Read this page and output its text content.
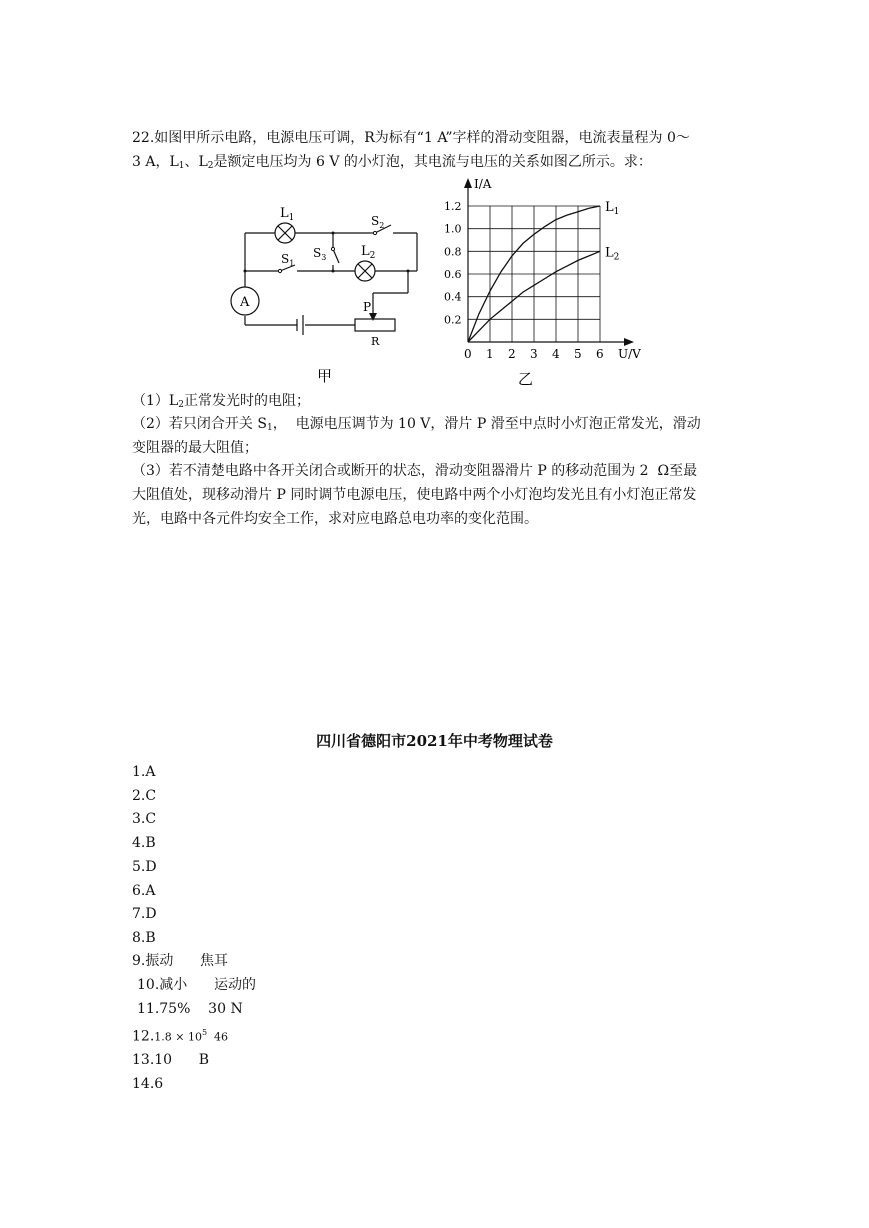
22.如图甲所示电路，电源电压可调，R为标有“1 A”字样的滑动变阻器，电流表量程为 0～
3 A，$L_1$、$L_2$是额定电压均为 6 V 的小灯泡，其电流与电压的关系如图乙所示。求：
A
$L_1$
$L_2$
$S_1$
$S_2$
$S_3$
P
R
甲
0 1 2 3 4 5 6
0.2
0.4
0.6
0.8
1.0
1.2
U/V
I/A
$L_1$
$L_2$
乙
$(1)L_2$正常发光时的电阻；
（2）若只闭合开关 $S_1$，  电源电压调节为 10 V，滑片 P 滑至中点时小灯泡正常发光，滑动
变阻器的最大阻值；
（3）若不清楚电路中各开关闭合或断开的状态，滑动变阻器滑片 P 的移动范围为 2  Ω至最
大阻值处，现移动滑片 P 同时调节电源电压，使电路中两个小灯泡均发光且有小灯泡正常发
光，电路中各元件均安全工作，求对应电路总电功率的变化范围。
四川省德阳市2021年中考物理试卷
1.A
2.C
3.C
4.B
5.D
6.A
7.D
8.B
9.振动      焦耳
10.减小      运动的
11.75%    30 N
$12.1.8 \times 10^5$  46
13.10      B
14.6
